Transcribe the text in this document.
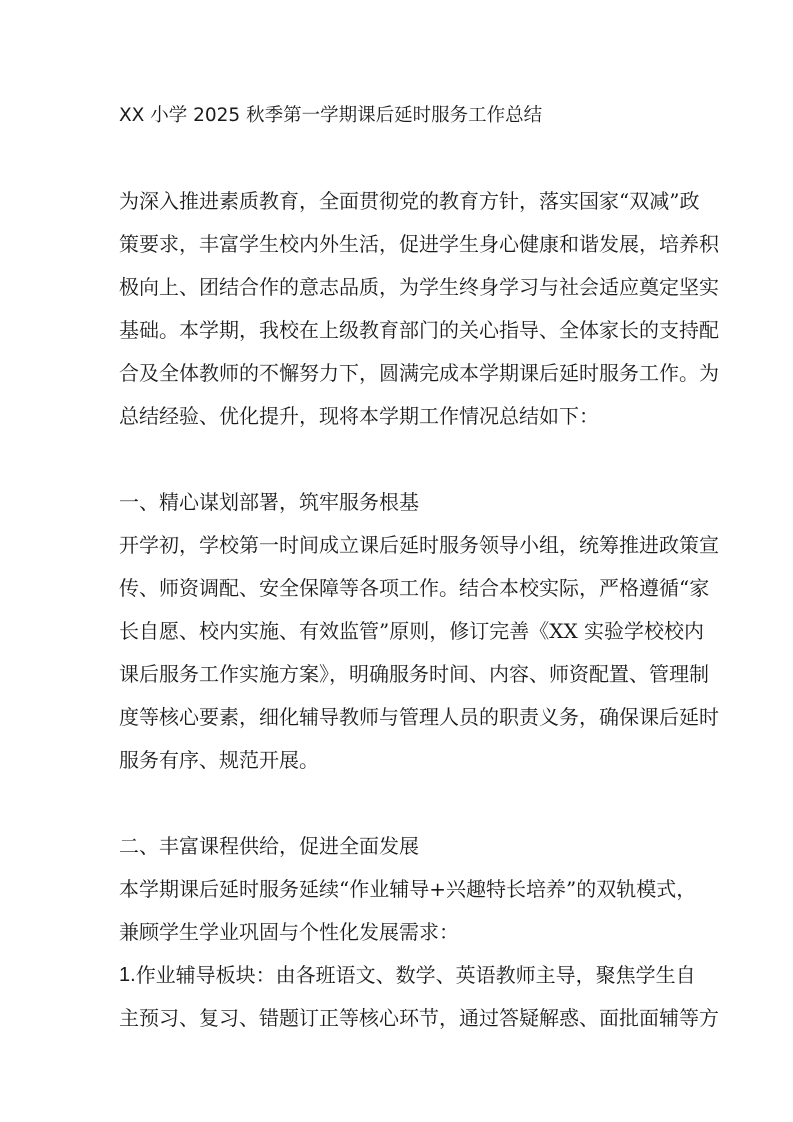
XX 小学 2025 秋季第一学期课后延时服务工作总结
为深入推进素质教育，全面贯彻党的教育方针，落实国家“双减”政
策要求，丰富学生校内外生活，促进学生身心健康和谐发展，培养积
极向上、团结合作的意志品质，为学生终身学习与社会适应奠定坚实
基础。本学期，我校在上级教育部门的关心指导、全体家长的支持配
合及全体教师的不懈努力下，圆满完成本学期课后延时服务工作。为
总结经验、优化提升，现将本学期工作情况总结如下：
一、精心谋划部署，筑牢服务根基
开学初，学校第一时间成立课后延时服务领导小组，统筹推进政策宣
传、师资调配、安全保障等各项工作。结合本校实际，严格遵循“家
长自愿、校内实施、有效监管”原则，修订完善《XX 实验学校校内
课后服务工作实施方案》，明确服务时间、内容、师资配置、管理制
度等核心要素，细化辅导教师与管理人员的职责义务，确保课后延时
服务有序、规范开展。
二、丰富课程供给，促进全面发展
本学期课后延时服务延续“作业辅导+兴趣特长培养”的双轨模式，
兼顾学生学业巩固与个性化发展需求：
1. 作业辅导板块：由各班语文、数学、英语教师主导，聚焦学生自
主预习、复习、错题订正等核心环节，通过答疑解惑、面批面辅等方
